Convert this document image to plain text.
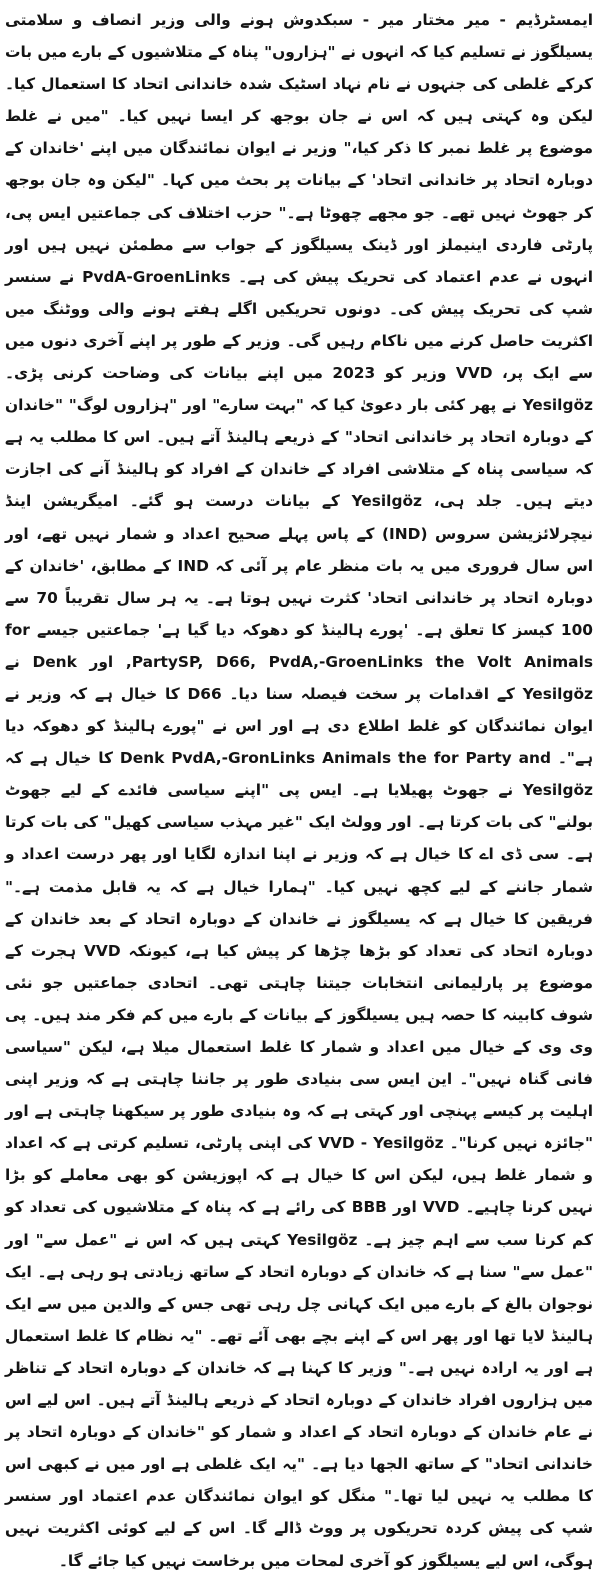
ایمسٹرڈیم - میر مختار میر - سبکدوش ہونے والی وزیر انصاف و سلامتی یسیلگوز نے تسلیم کیا کہ انہوں نے "ہزاروں" پناہ کے متلاشیوں کے بارے میں بات کرکے غلطی کی جنہوں نے نام نہاد اسٹیک شدہ خاندانی اتحاد کا استعمال کیا۔ لیکن وہ کہتی ہیں کہ اس نے جان بوجھ کر ایسا نہیں کیا۔ "میں نے غلط موضوع پر غلط نمبر کا ذکر کیا،" وزیر نے ایوان نمائندگان میں اپنے 'خاندان کے دوبارہ اتحاد پر خاندانی اتحاد' کے بیانات پر بحث میں کہا۔ "لیکن وہ جان بوجھ کر جھوٹ نہیں تھے۔ جو مجھے چھوٹا ہے۔" حزب اختلاف کی جماعتیں ایس پی، پارٹی فاردی اینیملز اور ڈینک یسیلگوز کے جواب سے مطمئن نہیں ہیں اور انہوں نے عدم اعتماد کی تحریک پیش کی ہے۔ PvdA-GroenLinks نے سنسر شپ کی تحریک پیش کی۔ دونوں تحریکیں اگلے ہفتے ہونے والی ووٹنگ میں اکثریت حاصل کرنے میں ناکام رہیں گی۔ وزیر کے طور پر اپنے آخری دنوں میں سے ایک پر، VVD وزیر کو 2023 میں اپنے بیانات کی وضاحت کرنی پڑی۔ Yesilgöz نے پھر کئی بار دعویٰ کیا کہ "بہت سارے" اور "ہزاروں لوگ" "خاندان کے دوبارہ اتحاد پر خاندانی اتحاد" کے ذریعے ہالینڈ آتے ہیں۔ اس کا مطلب یہ ہے کہ سیاسی پناہ کے متلاشی افراد کے خاندان کے افراد کو ہالینڈ آنے کی اجازت دیتے ہیں۔ جلد ہی، Yesilgöz کے بیانات درست ہو گئے۔ امیگریشن اینڈ نیچرلائزیشن سروس (IND) کے پاس پہلے صحیح اعداد و شمار نہیں تھے، اور اس سال فروری میں یہ بات منظر عام پر آئی کہ IND کے مطابق، 'خاندان کے دوبارہ اتحاد پر خاندانی اتحاد' کثرت نہیں ہوتا ہے۔ یہ ہر سال تقریباً 70 سے 100 کیسز کا تعلق ہے۔ 'پورے ہالینڈ کو دھوکہ دیا گیا ہے' جماعتیں جیسے for PartySP, D66, PvdA,-GroenLinks the Volt Animals, اور Denk نے Yesilgöz کے اقدامات پر سخت فیصلہ سنا دیا۔ D66 کا خیال ہے کہ وزیر نے ایوان نمائندگان کو غلط اطلاع دی ہے اور اس نے "پورے ہالینڈ کو دھوکہ دیا ہے"۔ Denk PvdA,-GronLinks Animals the for Party and کا خیال ہے کہ Yesilgöz نے جھوٹ پھیلایا ہے۔ ایس پی "اپنے سیاسی فائدے کے لیے جھوٹ بولنے" کی بات کرتا ہے۔ اور وولٹ ایک "غیر مہذب سیاسی کھیل" کی بات کرتا ہے۔ سی ڈی اے کا خیال ہے کہ وزیر نے اپنا اندازہ لگایا اور پھر درست اعداد و شمار جاننے کے لیے کچھ نہیں کیا۔ "ہمارا خیال ہے کہ یہ قابل مذمت ہے۔" فریقین کا خیال ہے کہ یسیلگوز نے خاندان کے دوبارہ اتحاد کے بعد خاندان کے دوبارہ اتحاد کی تعداد کو بڑھا چڑھا کر پیش کیا ہے، کیونکہ VVD ہجرت کے موضوع پر پارلیمانی انتخابات جیتنا چاہتی تھی۔ اتحادی جماعتیں جو نئی شوف کابینہ کا حصہ ہیں یسیلگوز کے بیانات کے بارے میں کم فکر مند ہیں۔ پی وی وی کے خیال میں اعداد و شمار کا غلط استعمال میلا ہے، لیکن "سیاسی فانی گناہ نہیں"۔ این ایس سی بنیادی طور پر جاننا چاہتی ہے کہ وزیر اپنی اہلیت پر کیسے پہنچی اور کہتی ہے کہ وہ بنیادی طور پر سیکھنا چاہتی ہے اور "جائزہ نہیں کرنا"۔ VVD - Yesilgöz کی اپنی پارٹی، تسلیم کرتی ہے کہ اعداد و شمار غلط ہیں، لیکن اس کا خیال ہے کہ اپوزیشن کو بھی معاملے کو بڑا نہیں کرنا چاہیے۔ VVD اور BBB کی رائے ہے کہ پناہ کے متلاشیوں کی تعداد کو کم کرنا سب سے اہم چیز ہے۔ Yesilgöz کہتی ہیں کہ اس نے "عمل سے" اور "عمل سے" سنا ہے کہ خاندان کے دوبارہ اتحاد کے ساتھ زیادتی ہو رہی ہے۔ ایک نوجوان بالغ کے بارے میں ایک کہانی چل رہی تھی جس کے والدین میں سے ایک ہالینڈ لایا تھا اور پھر اس کے اپنے بچے بھی آئے تھے۔ "یہ نظام کا غلط استعمال ہے اور یہ ارادہ نہیں ہے۔" وزیر کا کہنا ہے کہ خاندان کے دوبارہ اتحاد کے تناظر میں ہزاروں افراد خاندان کے دوبارہ اتحاد کے ذریعے ہالینڈ آتے ہیں۔ اس لیے اس نے عام خاندان کے دوبارہ اتحاد کے اعداد و شمار کو "خاندان کے دوبارہ اتحاد پر خاندانی اتحاد" کے ساتھ الجھا دیا ہے۔ "یہ ایک غلطی ہے اور میں نے کبھی اس کا مطلب یہ نہیں لیا تھا۔" منگل کو ایوان نمائندگان عدم اعتماد اور سنسر شپ کی پیش کردہ تحریکوں پر ووٹ ڈالے گا۔ اس کے لیے کوئی اکثریت نہیں ہوگی، اس لیے یسیلگوز کو آخری لمحات میں برخاست نہیں کیا جائے گا۔
